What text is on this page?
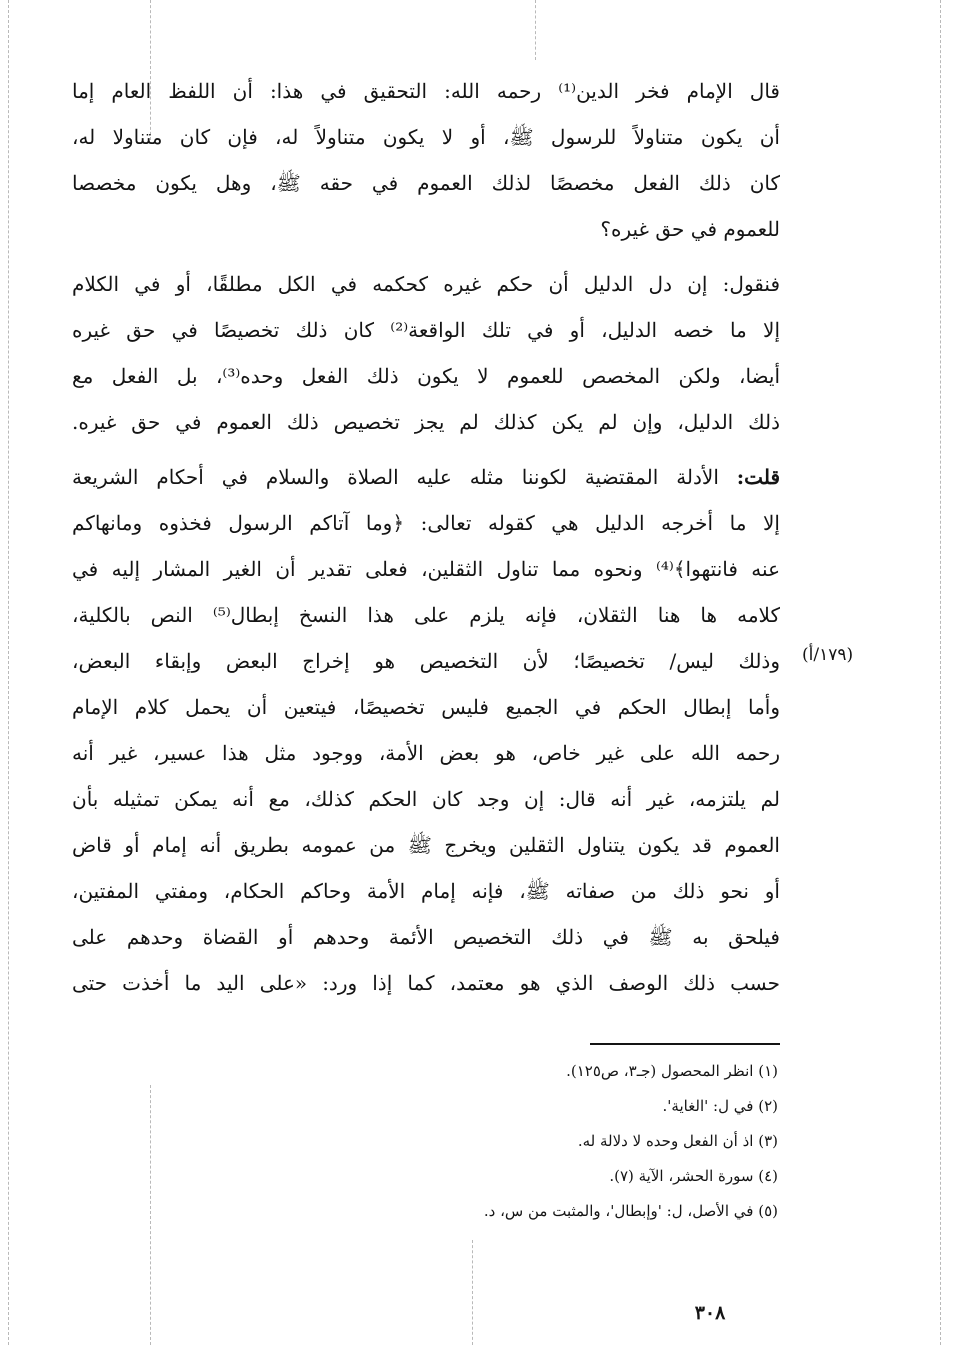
قال الإمام فخر الدين⁽¹⁾ رحمه الله: التحقيق في هذا: أن اللفظ العام إما
أن يكون متناولاً للرسول ﷺ، أو لا يكون متناولاً له، فإن كان متناولا له،
كان ذلك الفعل مخصصًا لذلك العموم في حقه ﷺ، وهل يكون مخصصا
للعموم في حق غيره؟
فنقول: إن دل الدليل أن حكم غيره كحكمه في الكل مطلقًا، أو في الكلام
إلا ما خصه الدليل، أو في تلك الواقعة⁽²⁾ كان ذلك تخصيصًا في حق غيره
أيضا، ولكن المخصص للعموم لا يكون ذلك الفعل وحده⁽³⁾، بل الفعل مع
ذلك الدليل، وإن لم يكن كذلك لم يجز تخصيص ذلك العموم في حق غيره.
قلت: الأدلة المقتضية لكوننا مثله عليه الصلاة والسلام في أحكام الشريعة
إلا ما أخرجه الدليل هي كقوله تعالى: ﴿وما آتاكم الرسول فخذوه ومانهاكم
عنه فانتهوا﴾⁽⁴⁾ ونحوه مما تناول الثقلين، فعلى تقدير أن الغير المشار إليه في
كلامه ها هنا الثقلان، فإنه يلزم على هذا النسخ إبطال⁽⁵⁾ النص بالكلية،
وذلك ليس/ تخصيصًا؛ لأن التخصيص هو إخراج البعض وإبقاء البعض،
وأما إبطال الحكم في الجميع فليس تخصيصًا، فيتعين أن يحمل كلام الإمام
رحمه الله على غير خاص، هو بعض الأمة، ووجود مثل هذا عسير، غير أنه
لم يلتزمه، غير أنه قال: إن وجد كان الحكم كذلك، مع أنه يمكن تمثيله بأن
العموم قد يكون يتناول الثقلين ويخرج ﷺ من عمومه بطريق أنه إمام أو قاض
أو نحو ذلك من صفاته ﷺ، فإنه إمام الأمة وحاكم الحكام، ومفتي المفتين،
فيلحق به ﷺ في ذلك التخصيص الأئمة وحدهم أو القضاة وحدهم على
حسب ذلك الوصف الذي هو معتمد، كما إذا ورد: «على اليد ما أخذت حتى
(١٧٩/أ)
(١) انظر المحصول (جـ٣، ص١٢٥).
(٢) في ل: 'الغاية'.
(٣) اذ أن الفعل وحده لا دلالة له.
(٤) سورة الحشر، الآية (٧).
(٥) في الأصل، ل: 'وإبطال'، والمثبت من س، د.
٣٠٨
